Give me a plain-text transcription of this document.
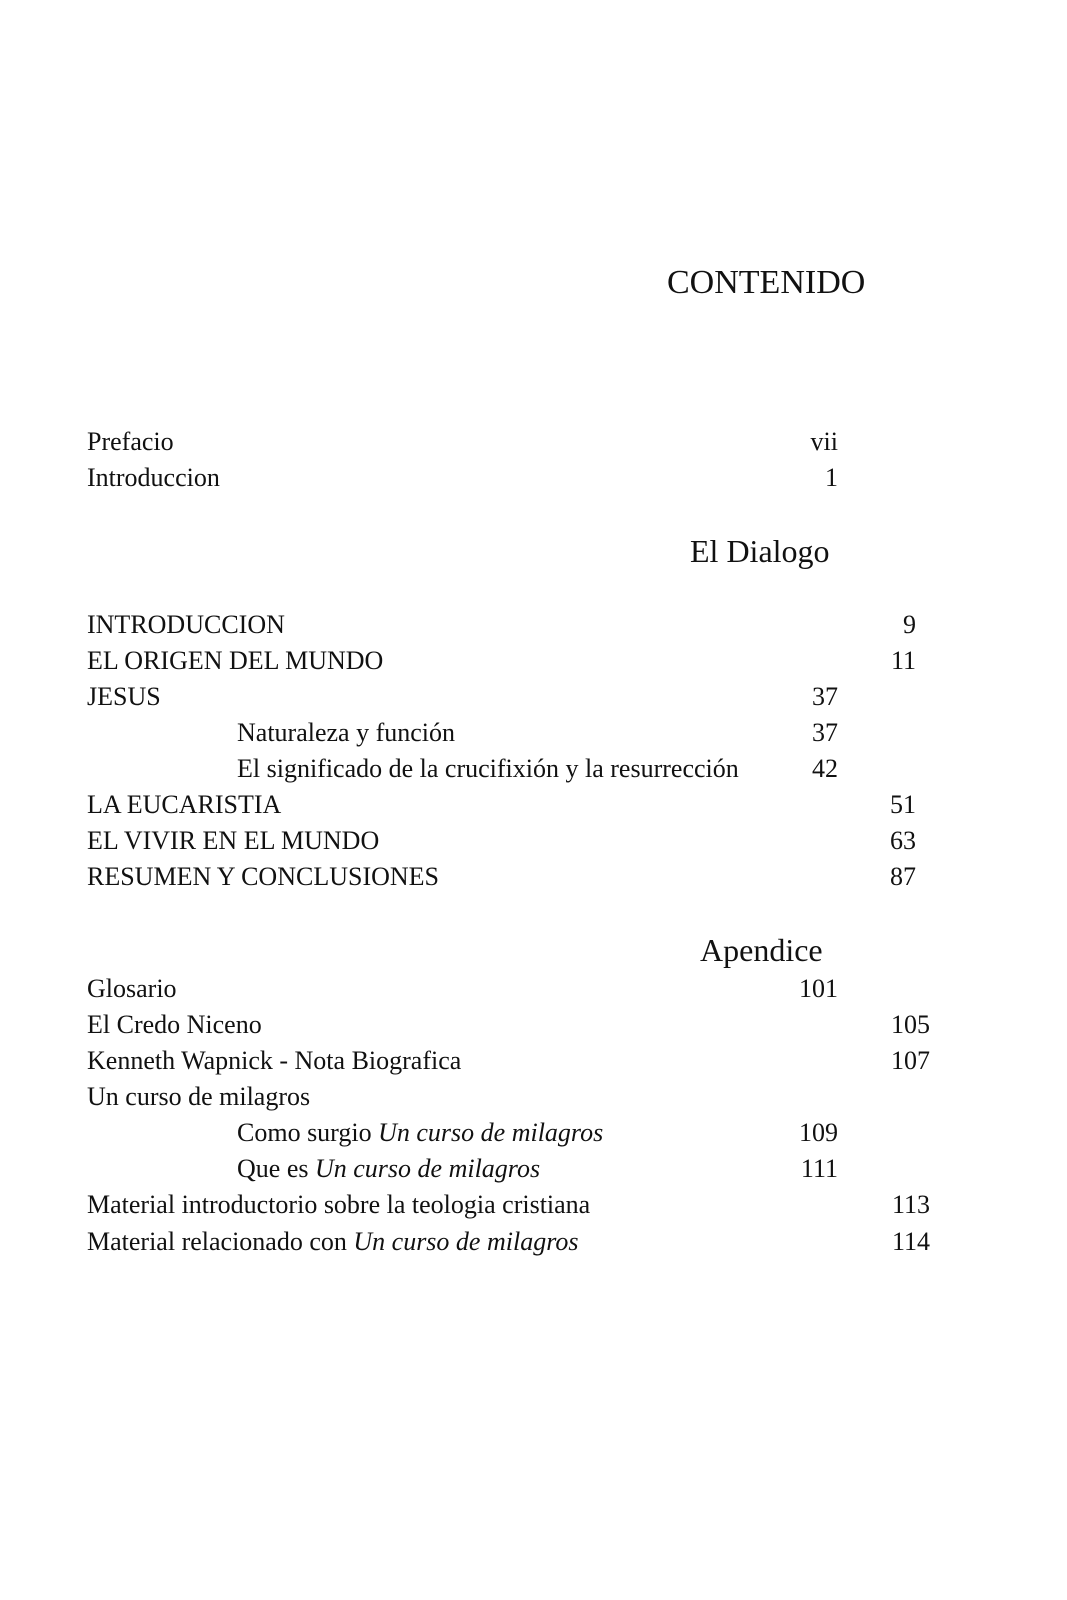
CONTENIDO
Prefacio	vii
Introduccion	1
El Dialogo
INTRODUCCION	9
EL ORIGEN DEL MUNDO	11
JESUS	37
Naturaleza y función	37
El significado de la crucifixión y la resurrección	42
LA EUCARISTIA	51
EL VIVIR EN EL MUNDO	63
RESUMEN Y CONCLUSIONES	87
Apendice
Glosario	101
El Credo Niceno	105
Kenneth Wapnick - Nota Biografica	107
Un curso de milagros
Como surgio Un curso de milagros	109
Que es Un curso de milagros	111
Material introductorio sobre la teologia cristiana	113
Material relacionado con Un curso de milagros	114
